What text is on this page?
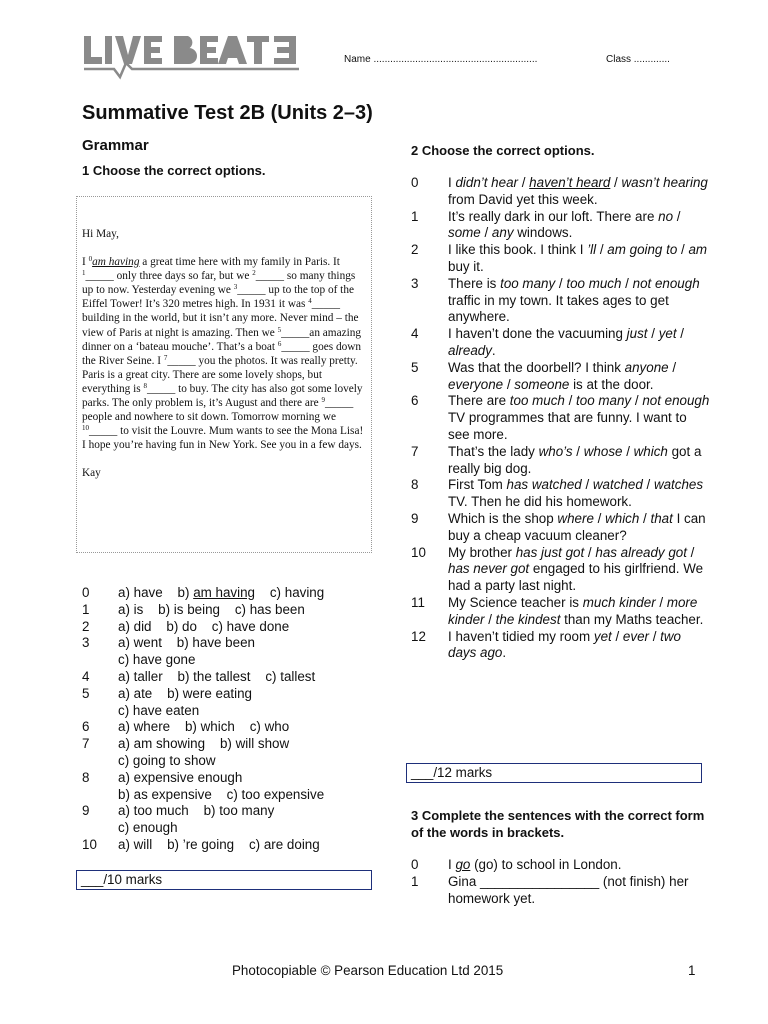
Name ...........................................................	Class .............
Summative Test 2B (Units 2–3)
Grammar
1 Choose the correct options.

Hi May,

I $^0$am having a great time here with my family in Paris. It $^1$_____ only three days so far, but we $^2$_____ so many things up to now. Yesterday evening we $^3$_____ up to the top of the Eiffel Tower! It’s 320 metres high. In 1931 it was $^4$_____ building in the world, but it isn’t any more. Never mind – the view of Paris at night is amazing. Then we $^5$_____an amazing dinner on a ‘bateau mouche’. That’s a boat $^6$_____ goes down the River Seine. I $^7$_____ you the photos. It was really pretty.

Paris is a great city. There are some lovely shops, but everything is $^8$_____ to buy. The city has also got some lovely parks. The only problem is, it’s August and there are $^9$_____ people and nowhere to sit down. Tomorrow morning we $^{10}$_____ to visit the Louvre. Mum wants to see the Mona Lisa!

I hope you’re having fun in New York. See you in a few days.

Kay

0	a) have    b) am having    c) having
1	a) is    b) is being    c) has been
2	a) did    b) do    c) have done
3	a) went    b) have been
c) have gone
4	a) taller    b) the tallest    c) tallest
5	a) ate    b) were eating
c) have eaten
6	a) where    b) which    c) who
7	a) am showing    b) will show
c) going to show
8	a) expensive enough
b) as expensive    c) too expensive
9	a) too much    b) too many
c) enough
10	a) will    b) ’re going    c) are doing
___/10 marks
2 Choose the correct options.
0	I didn’t hear / haven’t heard / wasn’t hearing from David yet this week.
1	It’s really dark in our loft. There are no / some / any windows.
2	I like this book. I think I ’ll / am going to / am buy it.
3	There is too many / too much / not enough traffic in my town. It takes ages to get anywhere.
4	I haven’t done the vacuuming just / yet / already.
5	Was that the doorbell? I think anyone / everyone / someone is at the door.
6	There are too much / too many / not enough TV programmes that are funny. I want to see more.
7	That’s the lady who’s / whose / which got a really big dog.
8	First Tom has watched / watched / watches TV. Then he did his homework.
9	Which is the shop where / which / that I can buy a cheap vacuum cleaner?
10	My brother has just got / has already got / has never got engaged to his girlfriend. We had a party last night.
11	My Science teacher is much kinder / more kinder / the kindest than my Maths teacher.
12	I haven’t tidied my room yet / ever / two days ago.
___/12 marks
3 Complete the sentences with the correct form of the words in brackets.
0	I go (go) to school in London.
1	Gina ________________ (not finish) her homework yet.
Photocopiable © Pearson Education Ltd 2015	1
